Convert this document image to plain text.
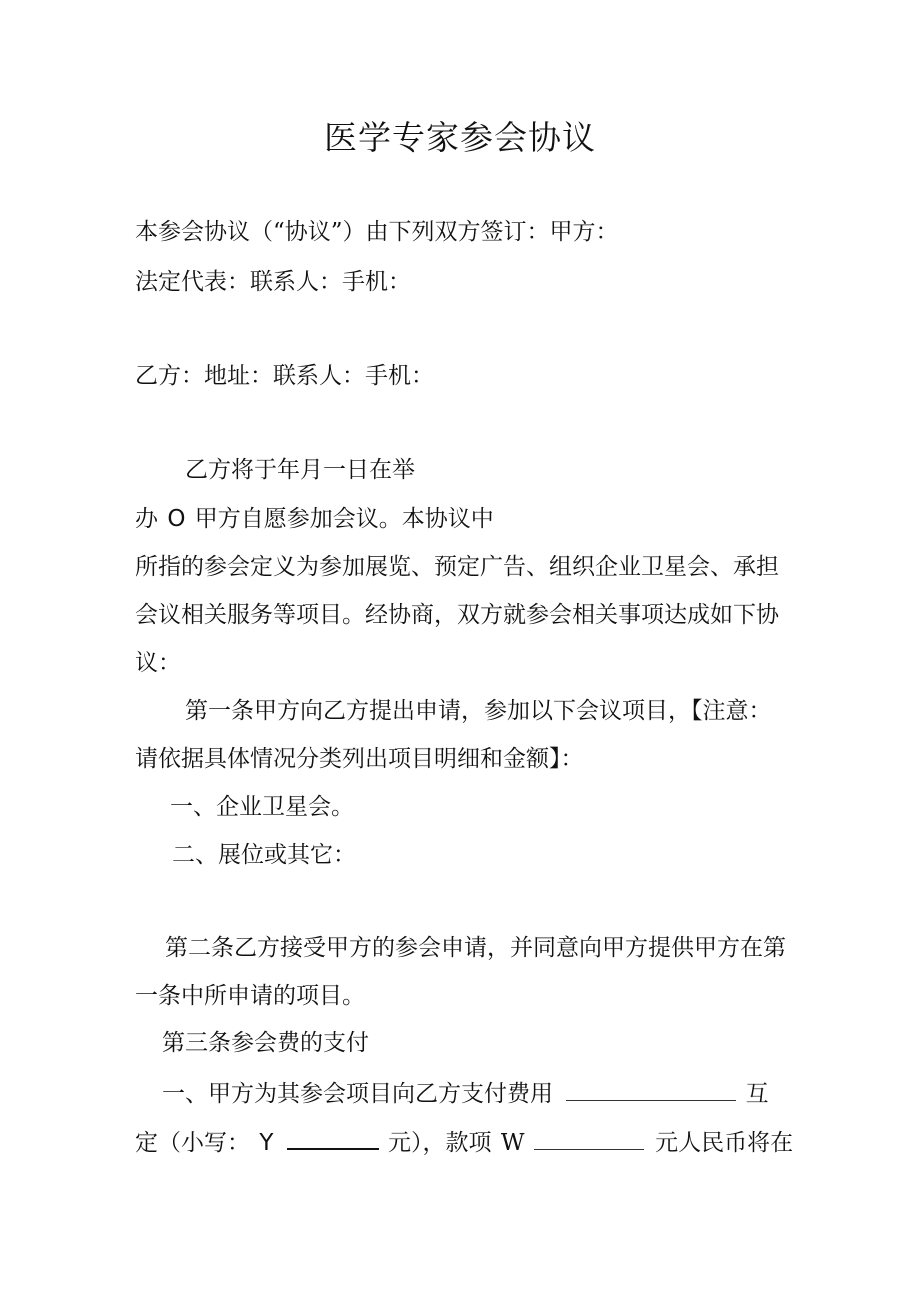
医学专家参会协议
本参会协议（“协议”）由下列双方签订：甲方：
法定代表：联系人：手机：
乙方：地址：联系人：手机：
乙方将于年月一日在举
办 O 甲方自愿参加会议。本协议中
所指的参会定义为参加展览、预定广告、组织企业卫星会、承担
会议相关服务等项目。经协商，双方就参会相关事项达成如下协
议：
第一条甲方向乙方提出申请，参加以下会议项目，【注意：
请依据具体情况分类列出项目明细和金额】：
一、企业卫星会。
二、展位或其它：
第二条乙方接受甲方的参会申请，并同意向甲方提供甲方在第
一条中所申请的项目。
第三条参会费的支付
一、甲方为其参会项目向乙方支付费用	互
定（小写： Y	元），款项 W	元人民币将在
